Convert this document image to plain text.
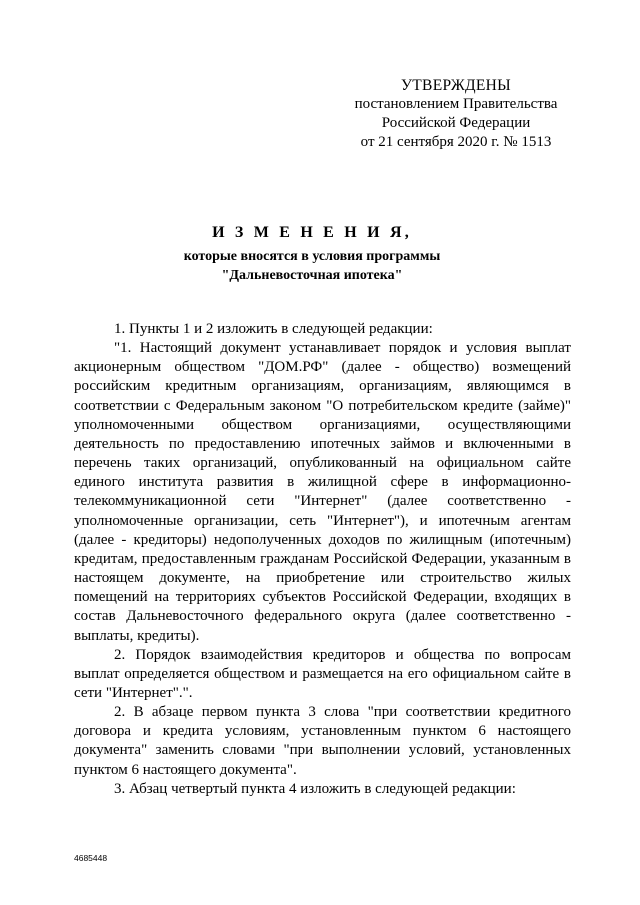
УТВЕРЖДЕНЫ
постановлением Правительства
Российской Федерации
от 21 сентября 2020 г. № 1513
И З М Е Н Е Н И Я,
которые вносятся в условия программы
"Дальневосточная ипотека"

1. Пункты 1 и 2 изложить в следующей редакции:

"1. Настоящий документ устанавливает порядок и условия выплат акционерным обществом "ДОМ.РФ" (далее - общество) возмещений российским кредитным организациям, организациям, являющимся в соответствии с Федеральным законом "О потребительском кредите (займе)" уполномоченными обществом организациями, осуществляющими деятельность по предоставлению ипотечных займов и включенными в перечень таких организаций, опубликованный на официальном сайте единого института развития в жилищной сфере в информационно-телекоммуникационной сети "Интернет" (далее соответственно - уполномоченные организации, сеть "Интернет"), и ипотечным агентам (далее - кредиторы) недополученных доходов по жилищным (ипотечным) кредитам, предоставленным гражданам Российской Федерации, указанным в настоящем документе, на приобретение или строительство жилых помещений на территориях субъектов Российской Федерации, входящих в состав Дальневосточного федерального округа (далее соответственно - выплаты, кредиты).

2. Порядок взаимодействия кредиторов и общества по вопросам выплат определяется обществом и размещается на его официальном сайте в сети "Интернет".".

2. В абзаце первом пункта 3 слова "при соответствии кредитного договора и кредита условиям, установленным пунктом 6 настоящего документа" заменить словами "при выполнении условий, установленных пунктом 6 настоящего документа".

3. Абзац четвертый пункта 4 изложить в следующей редакции:

4685448
